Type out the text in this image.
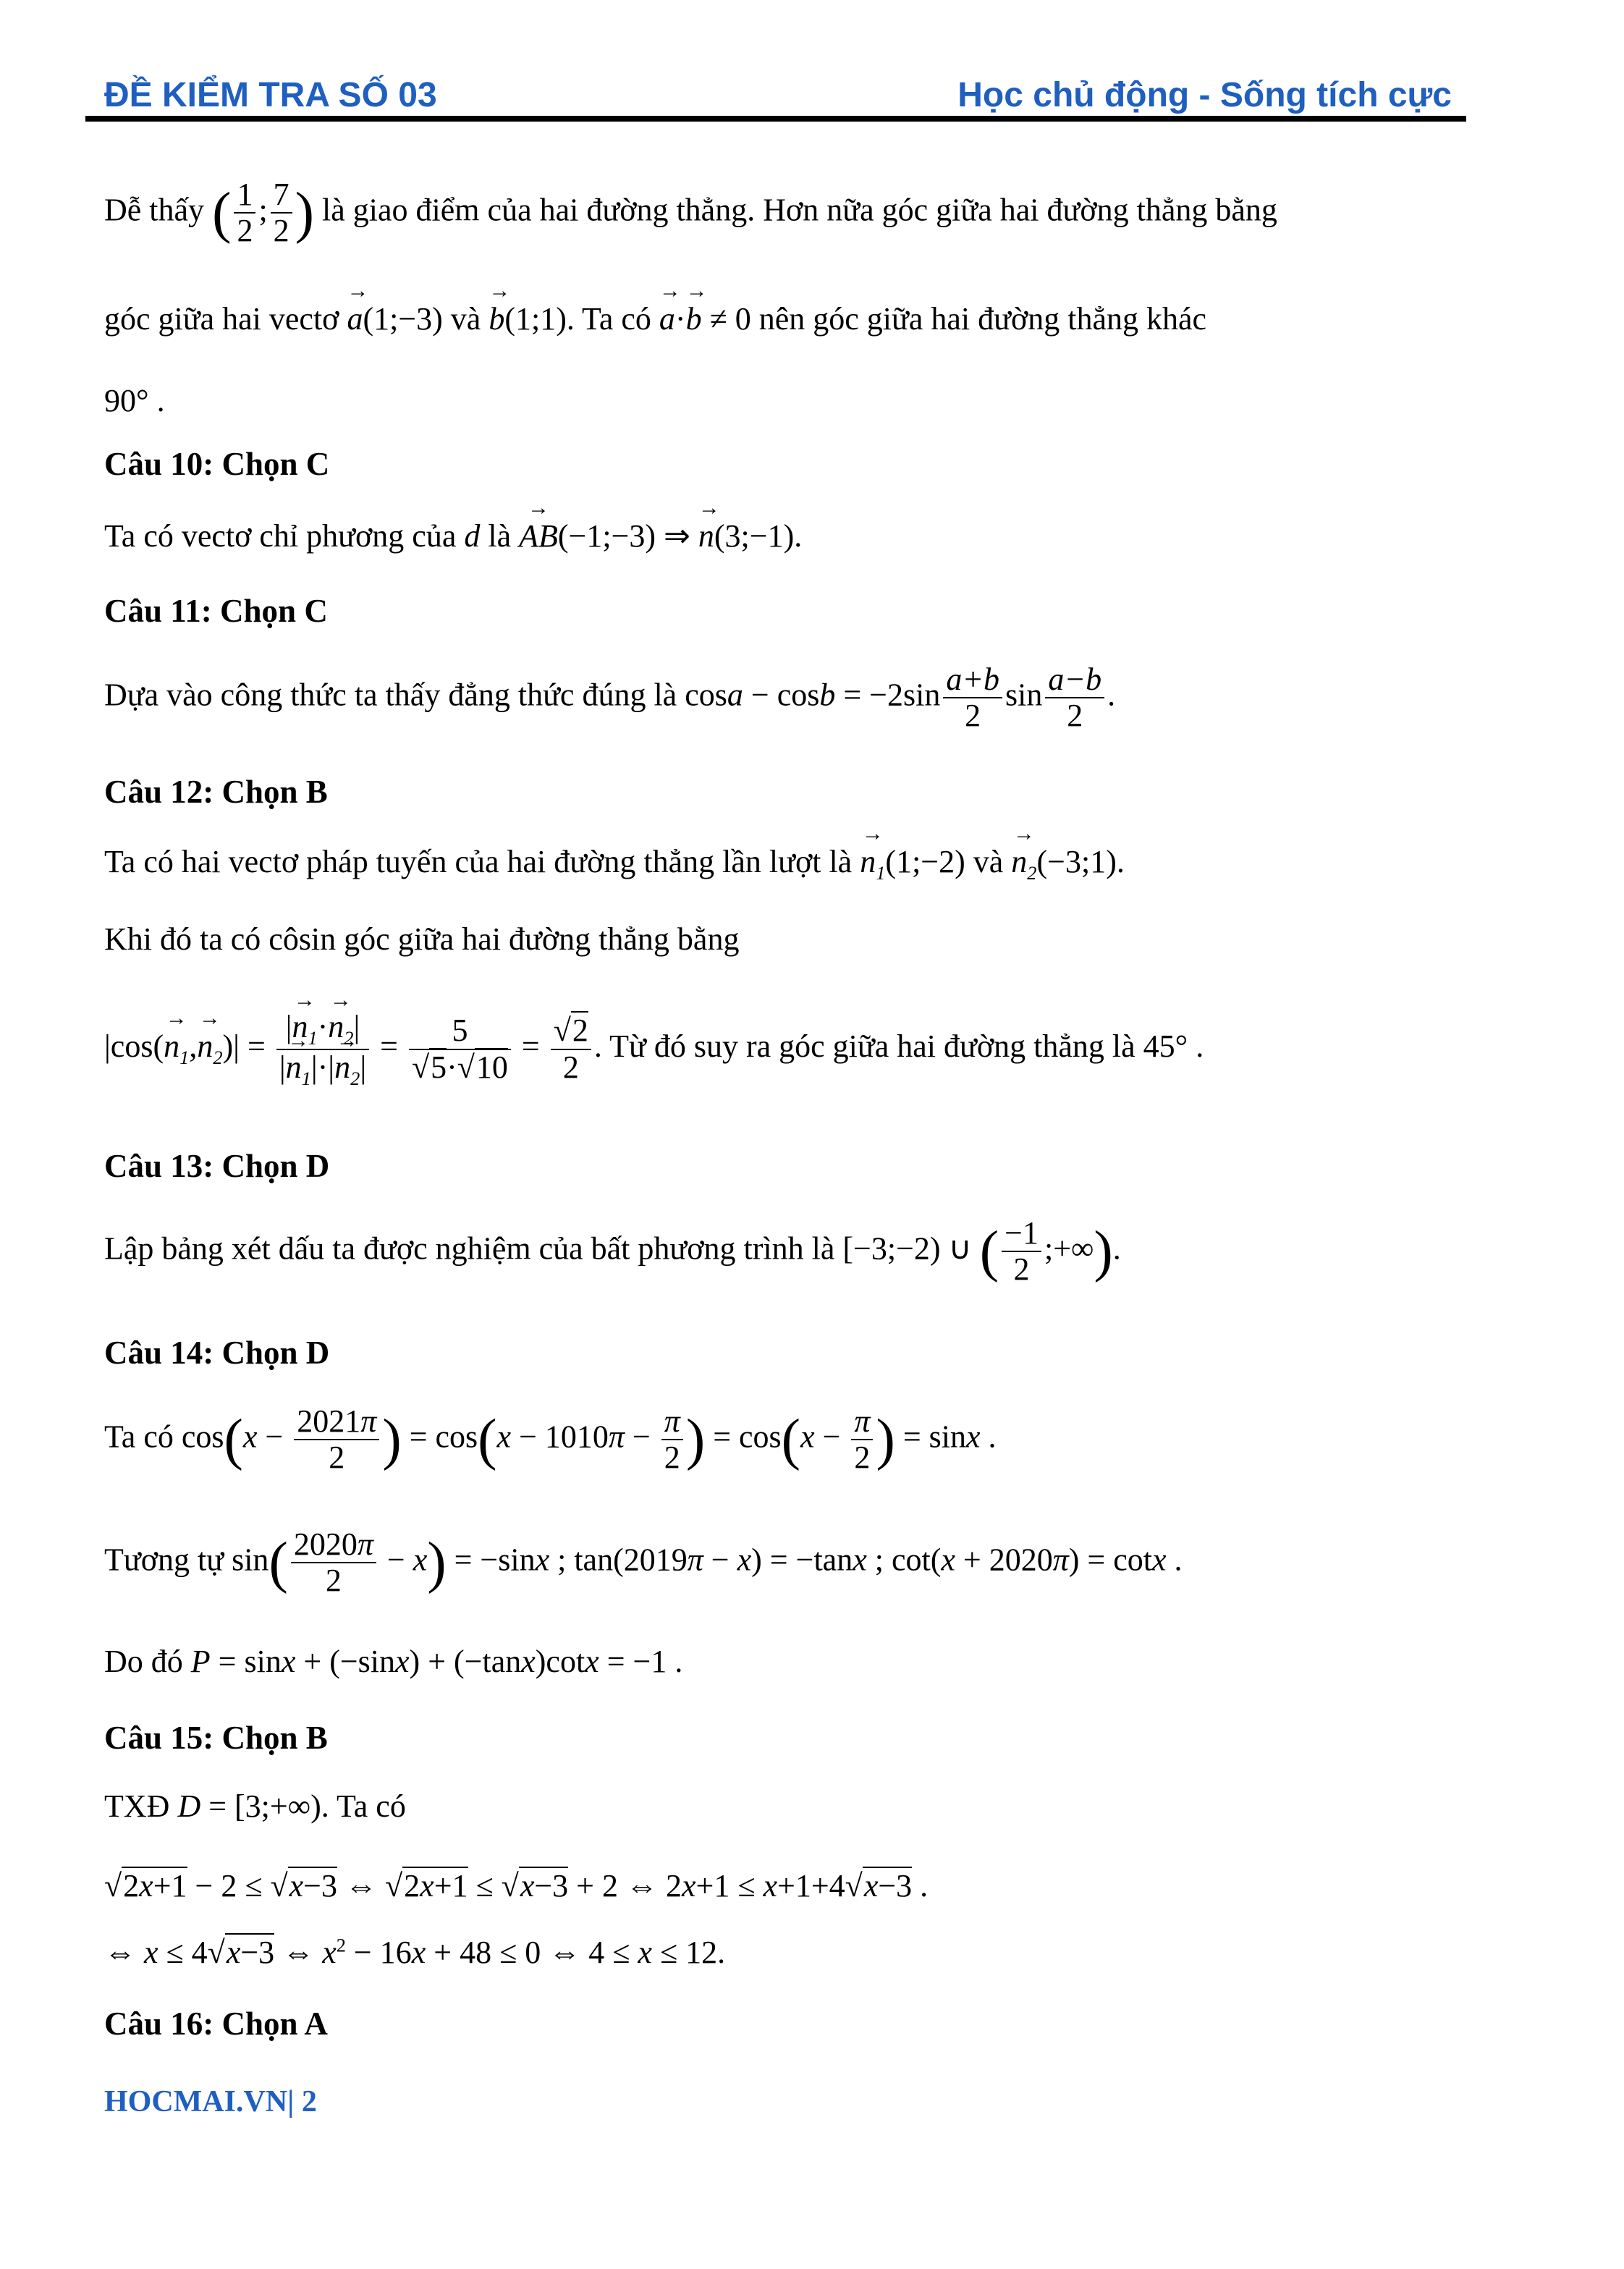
ĐỀ KIỂM TRA SỐ 03	Học chủ động - Sống tích cực
Dễ thấy ( $\frac{1}{2}$ ; $\frac{7}{2}$ ) là giao điểm của hai đường thẳng. Hơn nữa góc giữa hai đường thẳng bằng
góc giữa hai vectơ → a(1;−3) và → b(1;1). Ta có → a·→ b ≠ 0 nên góc giữa hai đường thẳng khác
90° .
Câu 10: Chọn C
Ta có vectơ chỉ phương của d là → AB(−1;−3) ⇒ → n(3;−1).
Câu 11: Chọn C
Dựa vào công thức ta thấy đẳng thức đúng là $\cos a - \cos b = -2\sin \frac{a+b}{2}$ $\sin \frac{a-b}{2}$ .
Câu 12: Chọn B
Ta có hai vectơ pháp tuyến của hai đường thẳng lần lượt là → $n_1(1;-2)$ và → $n_2(-3;1)$.
Khi đó ta có côsin góc giữa hai đường thẳng bằng
$|\cos(\to n_1,\to n_2)| = \frac{|\to n_1\cdot\to n_2|}{|\to n_1|\cdot|\to n_2|} = \frac{5}{√5\cdot√10} = \frac{√2}{2}$ . Từ đó suy ra góc giữa hai đường thẳng là 45° .
Câu 13: Chọn D
Lập bảng xét dấu ta được nghiệm của bất phương trình là [−3;−2) ∪ ( $\frac{-1}{2}$ ;+∞).
Câu 14: Chọn D
Ta có $\cos(x - \frac{2021\pi}{2}$ ) = $\cos(x - 1010\pi - \frac{\pi}{2}$ ) = $\cos(x - \frac{\pi}{2}$ ) = sinx .
Tương tự $\sin( \frac{2020\pi}{2} - x) = -\sin x$ ; tan(2019π − x) = −tanx ; cot(x + 2020π) = cotx .
Do đó P = sinx + (−sinx) + (−tanx)cotx = −1 .
Câu 15: Chọn B
TXĐ D = [3;+∞). Ta có
√2x+1 − 2 ≤ √x−3 ⇔ √2x+1 ≤ √x−3 + 2 ⇔ 2x+1 ≤ x+1+4√x−3 .
⇔ x ≤ 4√x−3 ⇔ $x^2 - 16x + 48 \le 0$ ⇔ 4 ≤ x ≤ 12.
Câu 16: Chọn A
HOCMAI.VN| 2
